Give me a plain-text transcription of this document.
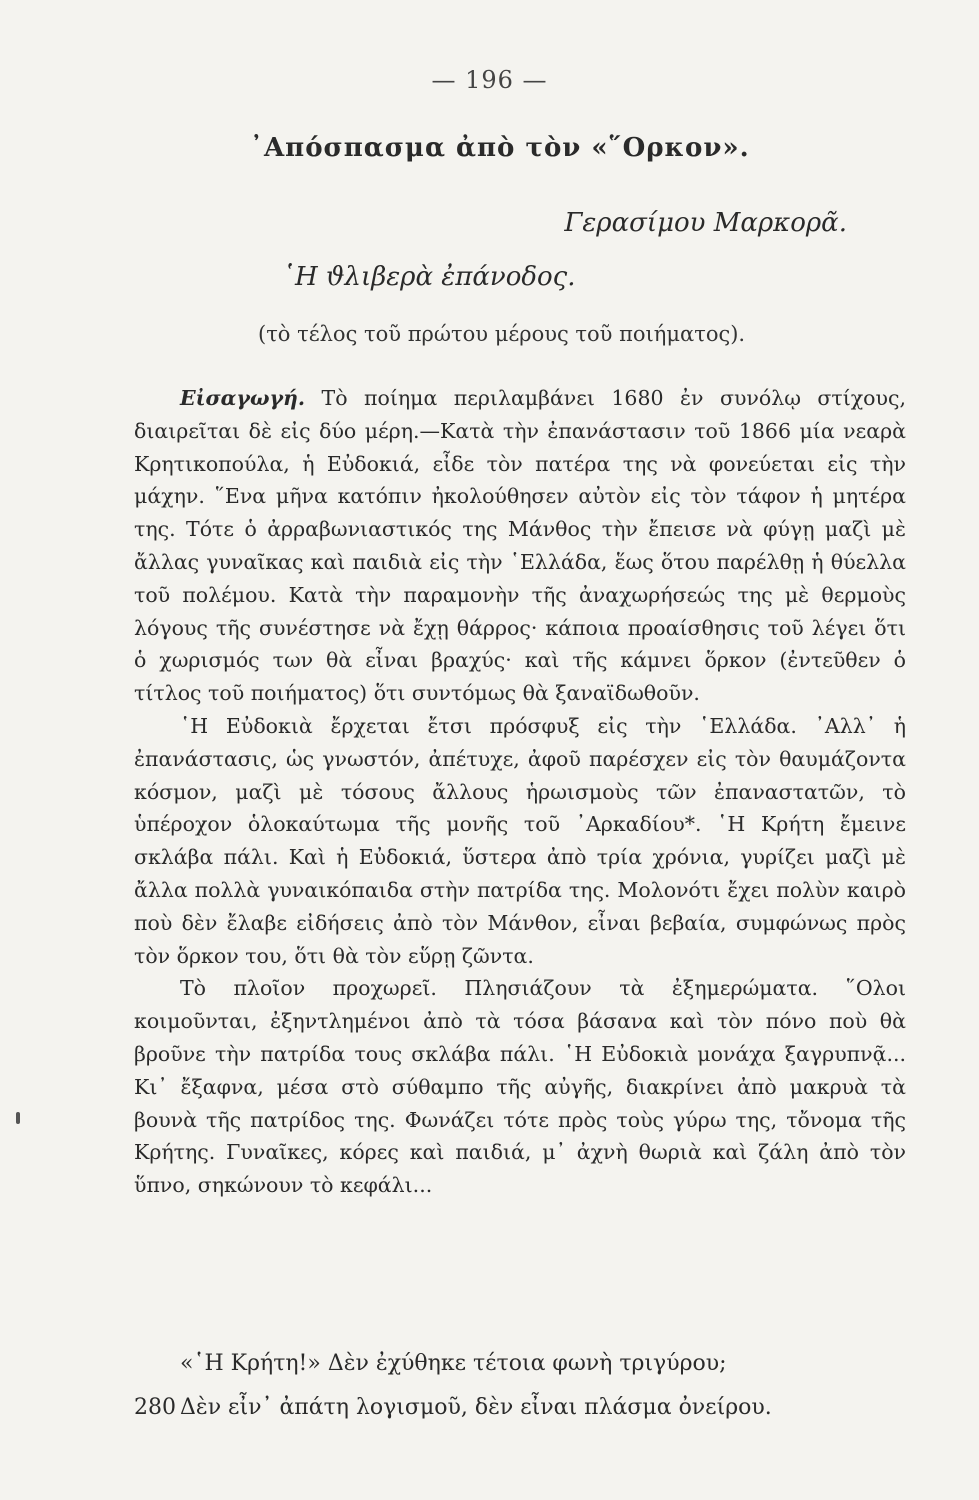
— 196 —
᾿Απόσπασμα ἀπὸ τὸν «῞Ορκον».
Γερασίμου Μαρκορᾶ.
῾Η ϑλιβερὰ ἐπάνοδος.
(τὸ τέλος τοῦ πρώτου μέρους τοῦ ποιήματος).

Εἰσαγωγή. Τὸ ποίημα περιλαμβάνει 1680 ἐν συνόλῳ στίχους, διαιρεῖται δὲ εἰς δύο μέρη.—Κατὰ τὴν ἐπανάστασιν τοῦ 1866 μία νεαρὰ Κρητικοπούλα, ἡ Εὐδοκιά, εἶδε τὸν πατέρα της νὰ φονεύεται εἰς τὴν μάχην. ῞Ενα μῆνα κατόπιν ἠκολούθησεν αὐτὸν εἰς τὸν τάφον ἡ μητέρα της. Τότε ὁ ἀρραβωνιαστικός της Μάνθος τὴν ἔπεισε νὰ φύγῃ μαζὶ μὲ ἄλλας γυναῖκας καὶ παιδιὰ εἰς τὴν ῾Ελλάδα, ἕως ὅτου παρέλθῃ ἡ θύελλα τοῦ πολέμου. Κατὰ τὴν παραμονὴν τῆς ἀναχωρήσεώς της μὲ θερμοὺς λόγους τῆς συνέστησε νὰ ἔχῃ θάρρος· κάποια προαίσθησις τοῦ λέγει ὅτι ὁ χωρισμός των θὰ εἶναι βραχύς· καὶ τῆς κάμνει ὅρκον (ἐντεῦθεν ὁ τίτλος τοῦ ποιήματος) ὅτι συντόμως θὰ ξαναϊδωθοῦν.

῾Η Εὐδοκιὰ ἔρχεται ἔτσι πρόσφυξ εἰς τὴν ῾Ελλάδα. ᾿Αλλ᾿ ἡ ἐπανάστασις, ὡς γνωστόν, ἀπέτυχε, ἀφοῦ παρέσχεν εἰς τὸν θαυμάζοντα κόσμον, μαζὶ μὲ τόσους ἄλλους ἡρωισμοὺς τῶν ἐπαναστατῶν, τὸ ὑπέροχον ὁλοκαύτωμα τῆς μονῆς τοῦ ᾿Αρκαδίου*. ῾Η Κρήτη ἔμεινε σκλάβα πάλι. Καὶ ἡ Εὐδοκιά, ὕστερα ἀπὸ τρία χρόνια, γυρίζει μαζὶ μὲ ἄλλα πολλὰ γυναικόπαιδα στὴν πατρίδα της. Μολονότι ἔχει πολὺν καιρὸ ποὺ δὲν ἔλαβε εἰδήσεις ἀπὸ τὸν Μάνθον, εἶναι βεβαία, συμφώνως πρὸς τὸν ὅρκον του, ὅτι θὰ τὸν εὕρῃ ζῶντα.

Τὸ πλοῖον προχωρεῖ. Πλησιάζουν τὰ ἐξημερώματα. ῞Ολοι κοιμοῦνται, ἐξηντλημένοι ἀπὸ τὰ τόσα βάσανα καὶ τὸν πόνο ποὺ θὰ βροῦνε τὴν πατρίδα τους σκλάβα πάλι. ῾Η Εὐδοκιὰ μονάχα ξαγρυπνᾷ... Κι᾿ ἔξαφνα, μέσα στὸ σύθαμπο τῆς αὐγῆς, διακρίνει ἀπὸ μακρυὰ τὰ βουνὰ τῆς πατρίδος της. Φωνάζει τότε πρὸς τοὺς γύρω της, τὄνομα τῆς Κρήτης. Γυναῖκες, κόρες καὶ παιδιά, μ᾿ ἀχνὴ θωριὰ καὶ ζάλη ἀπὸ τὸν ὕπνο, σηκώνουν τὸ κεφάλι...

«῾Η Κρήτη!» Δὲν ἐχύθηκε τέτοια φωνὴ τριγύρου;
280 Δὲν εἶν᾿ ἀπάτη λογισμοῦ, δὲν εἶναι πλάσμα ὀνείρου.
